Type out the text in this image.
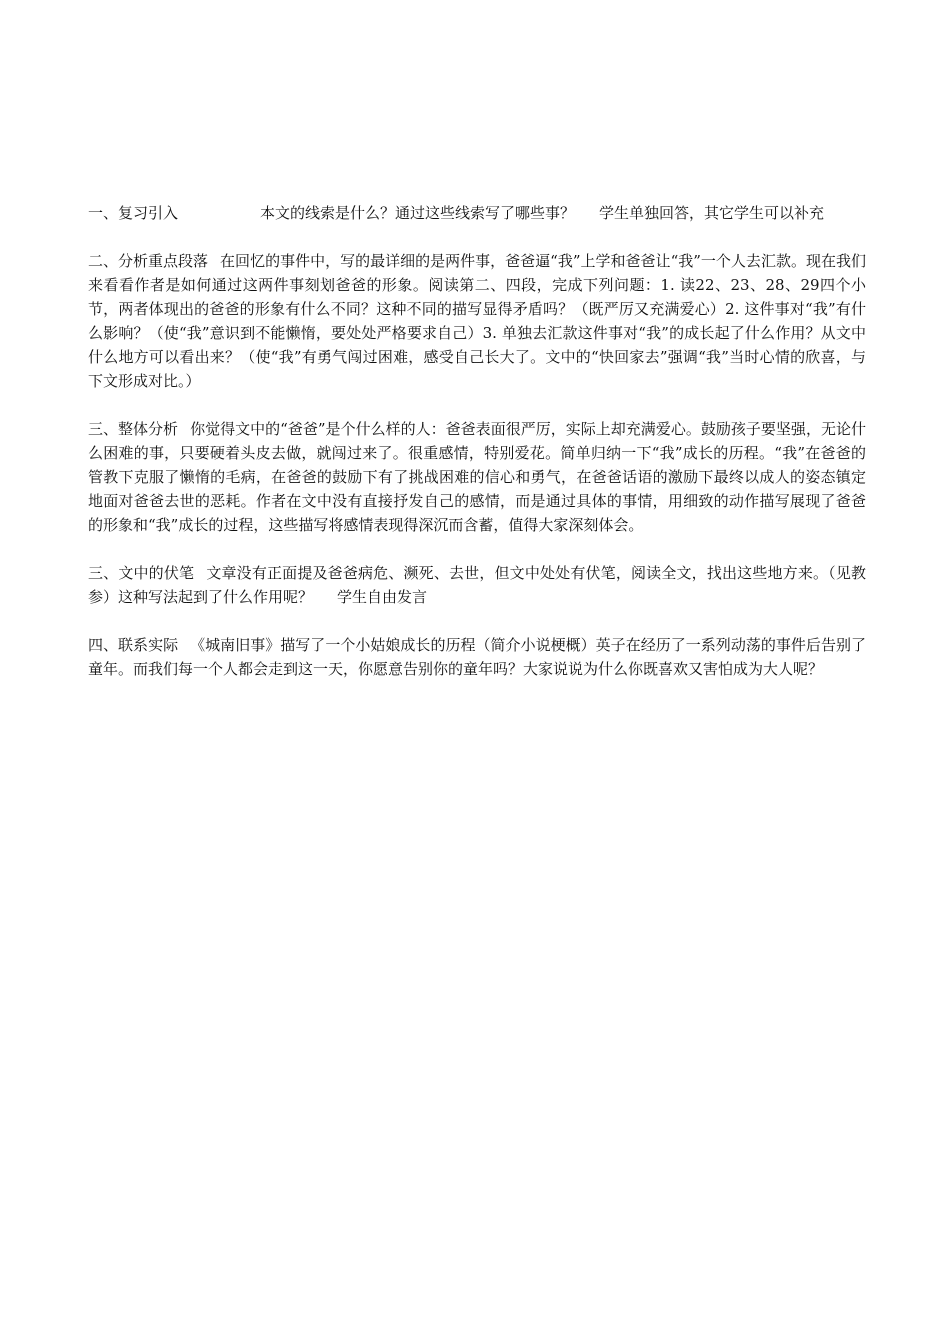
一、复习引入	本文的线索是什么？通过这些线索写了哪些事？ 学生单独回答，其它学生可以补充

二、分析重点段落 在回忆的事件中，写的最详细的是两件事，爸爸逼“我”上学和爸爸让“我”一个人去汇款。现在我们来看看作者是如何通过这两件事刻划爸爸的形象。阅读第二、四段，完成下列问题：1. 读22、23、28、29四个小节，两者体现出的爸爸的形象有什么不同？这种不同的描写显得矛盾吗？（既严厉又充满爱心）2. 这件事对“我”有什么影响？（使“我”意识到不能懒惰，要处处严格要求自己）3. 单独去汇款这件事对“我”的成长起了什么作用？从文中什么地方可以看出来？（使“我”有勇气闯过困难，感受自己长大了。文中的“快回家去”强调“我”当时心情的欣喜，与下文形成对比。）

三、整体分析 你觉得文中的“爸爸”是个什么样的人：爸爸表面很严厉，实际上却充满爱心。鼓励孩子要坚强，无论什么困难的事，只要硬着头皮去做，就闯过来了。很重感情，特别爱花。简单归纳一下“我”成长的历程。“我”在爸爸的管教下克服了懒惰的毛病，在爸爸的鼓励下有了挑战困难的信心和勇气，在爸爸话语的激励下最终以成人的姿态镇定地面对爸爸去世的恶耗。作者在文中没有直接抒发自己的感情，而是通过具体的事情，用细致的动作描写展现了爸爸的形象和“我”成长的过程，这些描写将感情表现得深沉而含蓄，值得大家深刻体会。

三、文中的伏笔 文章没有正面提及爸爸病危、濒死、去世，但文中处处有伏笔，阅读全文，找出这些地方来。（见教参）这种写法起到了什么作用呢？ 学生自由发言

四、联系实际 《城南旧事》描写了一个小姑娘成长的历程（简介小说梗概）英子在经历了一系列动荡的事件后告别了童年。而我们每一个人都会走到这一天，你愿意告别你的童年吗？大家说说为什么你既喜欢又害怕成为大人呢？
